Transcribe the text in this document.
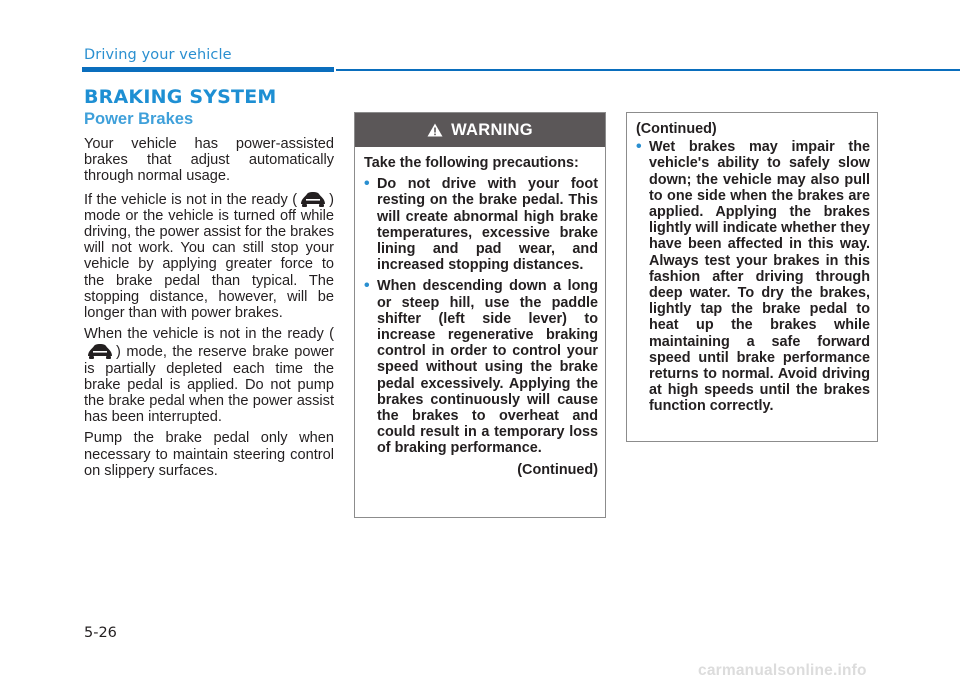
Driving your vehicle
BRAKING SYSTEM
Power Brakes

Your vehicle has power-assisted brakes that adjust automatically through normal usage.

If the vehicle is not in the ready ( ) mode or the vehicle is turned off while driving, the power assist for the brakes will not work. You can still stop your vehicle by applying greater force to the brake pedal than typical. The stopping distance, however, will be longer than with power brakes.

When the vehicle is not in the ready () mode, the reserve brake power is partially depleted each time the brake pedal is applied. Do not pump the brake pedal when the power assist has been interrupted.

Pump the brake pedal only when necessary to maintain steering control on slippery surfaces.

WARNING
Take the following precautions:
• Do not drive with your foot resting on the brake pedal. This will create abnormal high brake temperatures, excessive brake lining and pad wear, and increased stopping distances.
• When descending down a long or steep hill, use the paddle shifter (left side lever) to increase regenerative braking control in order to control your speed without using the brake pedal excessively. Applying the brakes continuously will cause the brakes to overheat and could result in a temporary loss of braking performance.
(Continued)
(Continued)
• Wet brakes may impair the vehicle's ability to safely slow down; the vehicle may also pull to one side when the brakes are applied. Applying the brakes lightly will indicate whether they have been affected in this way. Always test your brakes in this fashion after driving through deep water. To dry the brakes, lightly tap the brake pedal to heat up the brakes while maintaining a safe forward speed until brake performance returns to normal. Avoid driving at high speeds until the brakes function correctly.
5-26
carmanualsonline.info
